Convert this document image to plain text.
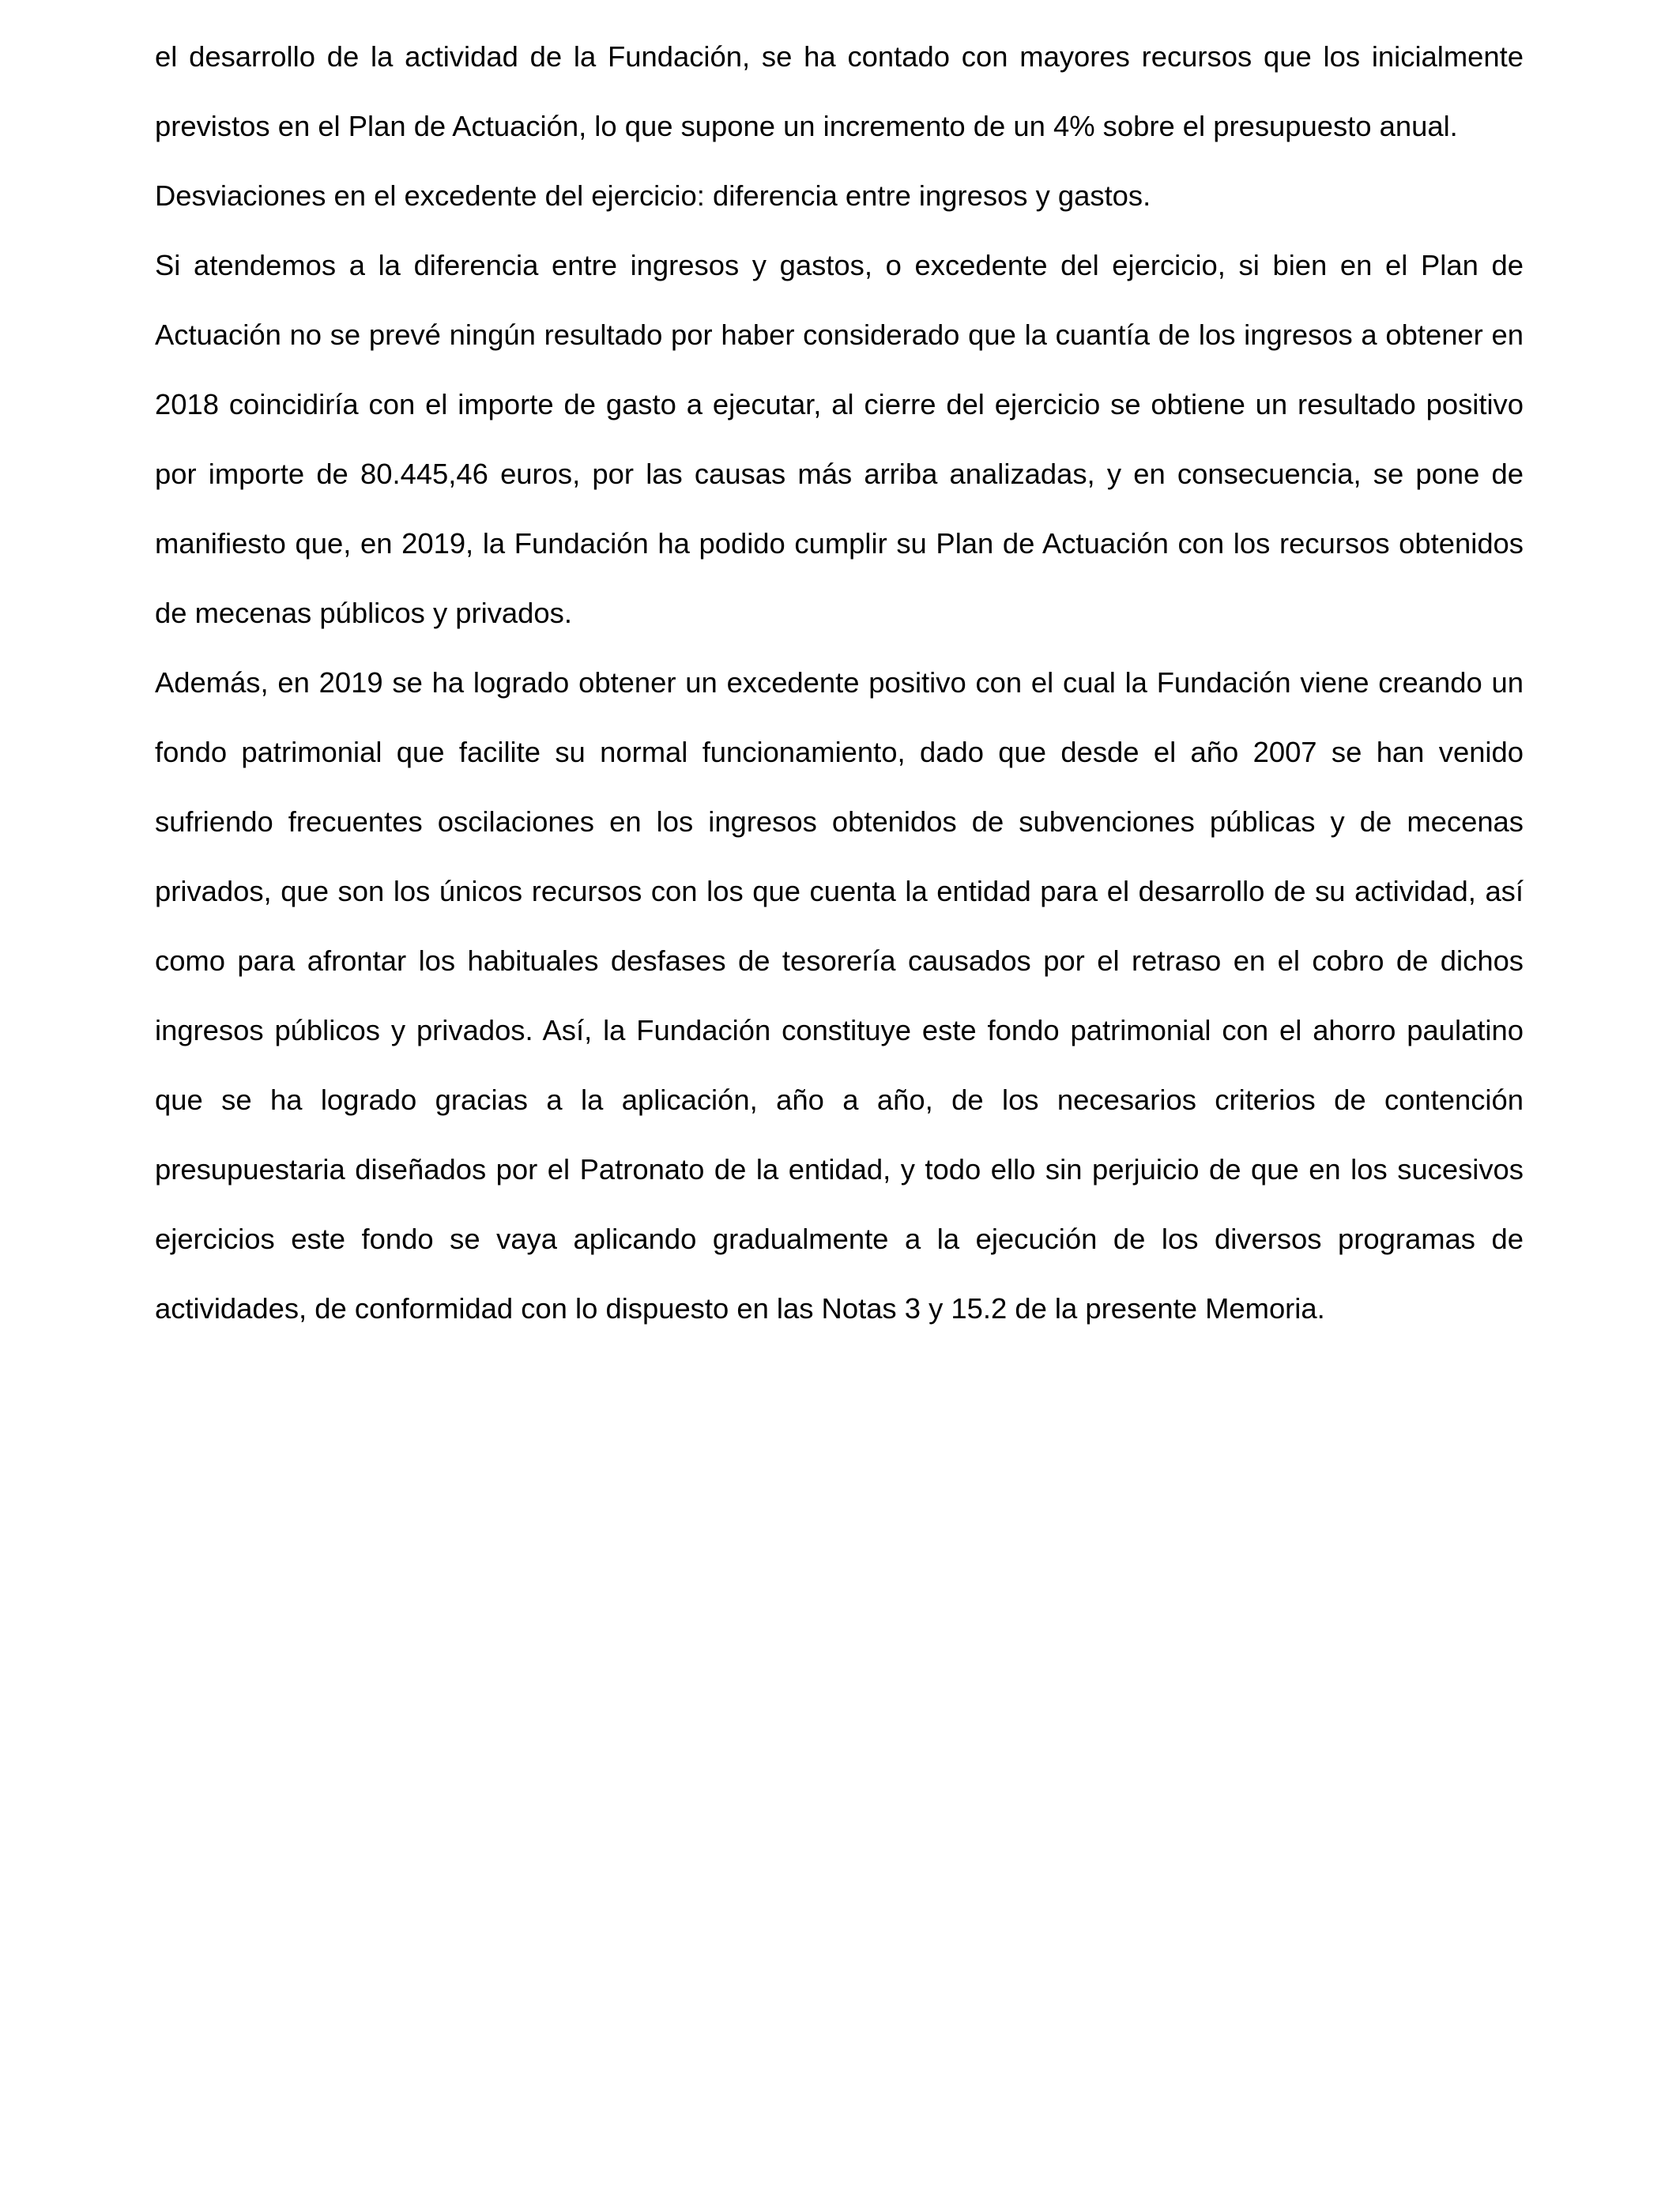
el desarrollo de la actividad de la Fundación, se ha contado con mayores recursos que los inicialmente previstos en el Plan de Actuación, lo que supone un incremento de un 4% sobre el presupuesto anual.

Desviaciones en el excedente del ejercicio: diferencia entre ingresos y gastos.

Si atendemos a la diferencia entre ingresos y gastos, o excedente del ejercicio, si bien en el Plan de Actuación no se prevé ningún resultado por haber considerado que la cuantía de los ingresos a obtener en 2018 coincidiría con el importe de gasto a ejecutar, al cierre del ejercicio se obtiene un resultado positivo por importe de 80.445,46 euros, por las causas más arriba analizadas, y en consecuencia, se pone de manifiesto que, en 2019, la Fundación ha podido cumplir su Plan de Actuación con los recursos obtenidos de mecenas públicos y privados.

Además, en 2019 se ha logrado obtener un excedente positivo con el cual la Fundación viene creando un fondo patrimonial que facilite su normal funcionamiento, dado que desde el año 2007 se han venido sufriendo frecuentes oscilaciones en los ingresos obtenidos de subvenciones públicas y de mecenas privados, que son los únicos recursos con los que cuenta la entidad para el desarrollo de su actividad, así como para afrontar los habituales desfases de tesorería causados por el retraso en el cobro de dichos ingresos públicos y privados. Así, la Fundación constituye este fondo patrimonial con el ahorro paulatino que se ha logrado gracias a la aplicación, año a año, de los necesarios criterios de contención presupuestaria diseñados por el Patronato de la entidad, y todo ello sin perjuicio de que en los sucesivos ejercicios este fondo se vaya aplicando gradualmente a la ejecución de los diversos programas de actividades, de conformidad con lo dispuesto en las Notas 3 y 15.2 de la presente Memoria.
